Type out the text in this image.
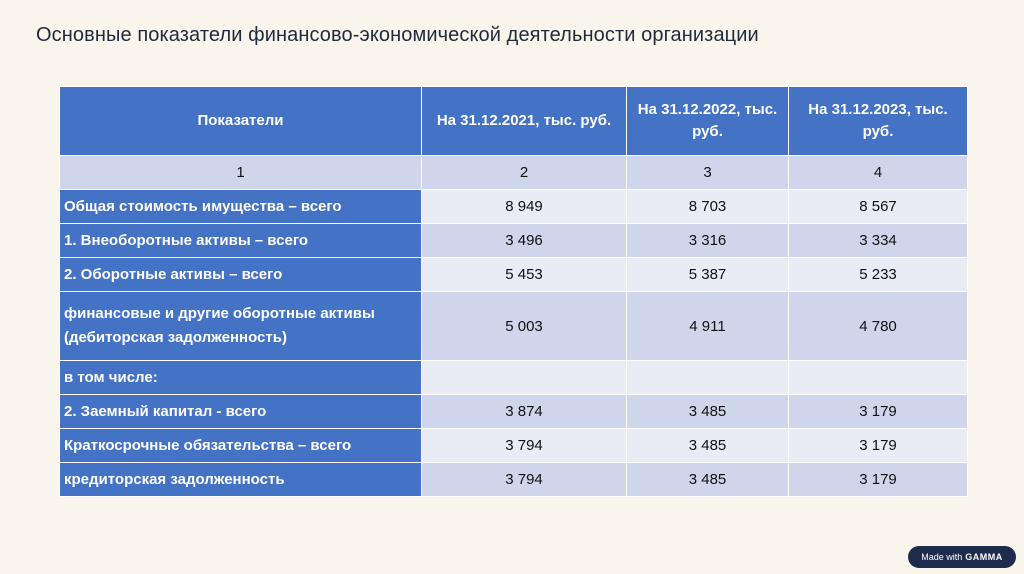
Основные показатели финансово-экономической деятельности организации
Показатели	На 31.12.2021, тыс. руб.	На 31.12.2022, тыс. руб.	На 31.12.2023, тыс. руб.
1	2	3	4
Общая стоимость имущества – всего	8 949	8 703	8 567
1. Внеоборотные активы – всего	3 496	3 316	3 334
2. Оборотные активы – всего	5 453	5 387	5 233
финансовые и другие оборотные активы (дебиторская задолженность)	5 003	4 911	4 780
в том числе:			
2. Заемный капитал - всего	3 874	3 485	3 179
Краткосрочные обязательства – всего	3 794	3 485	3 179
кредиторская задолженность	3 794	3 485	3 179
Made with GAMMA
